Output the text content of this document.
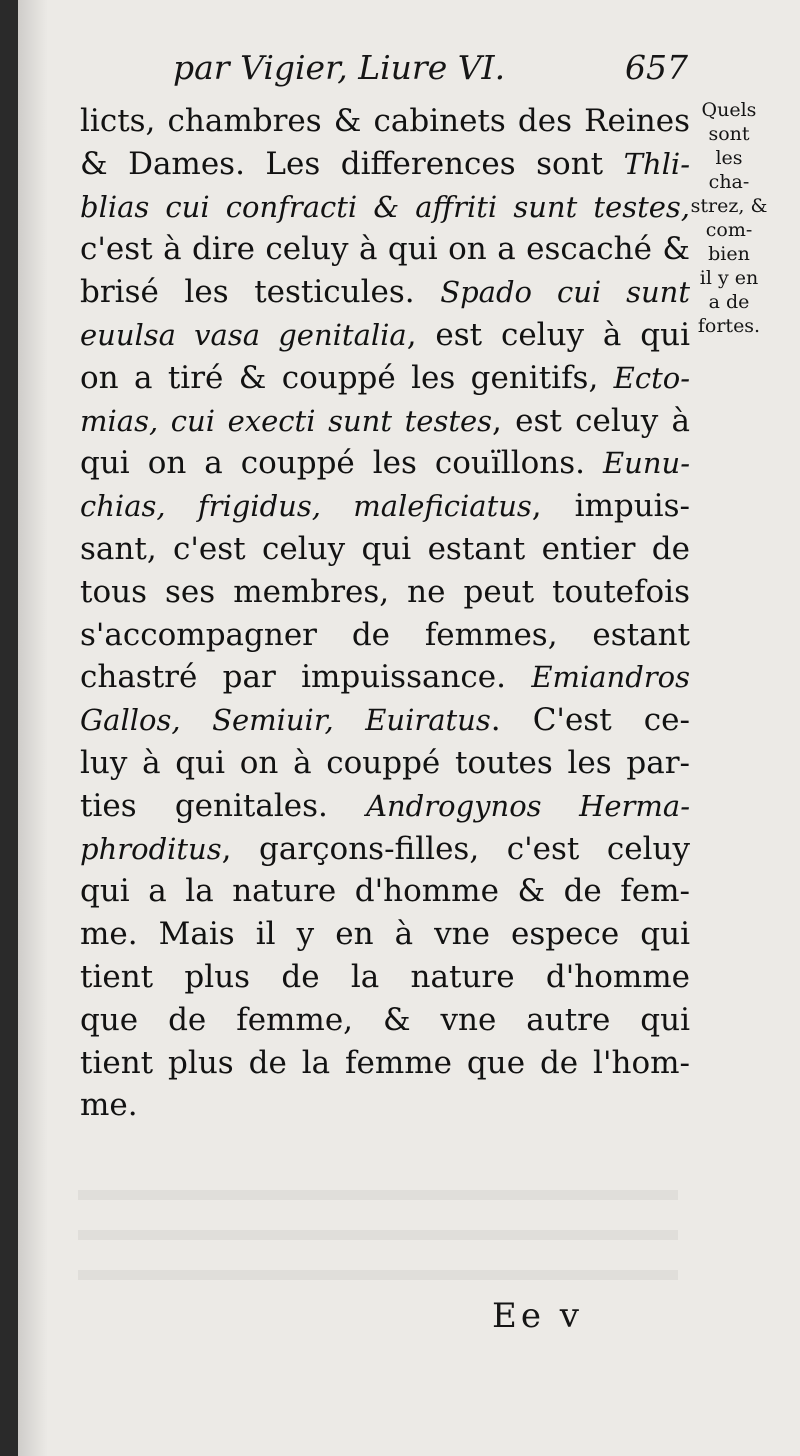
par Vigier, Liure VI.	657
licts, chambres & cabinets des Reines
& Dames. Les differences sont Thli-
blias cui confracti & affriti sunt testes,
c'est à dire celuy à qui on a escaché &
brisé les testicules. Spado cui sunt
euulsa vasa genitalia, est celuy à qui
on a tiré & couppé les genitifs, Ecto-
mias, cui execti sunt testes, est celuy à
qui on a couppé les couïllons. Eunu-
chias, frigidus, maleficiatus, impuis-
sant, c'est celuy qui estant entier de
tous ses membres, ne peut toutefois
s'accompagner de femmes, estant
chastré par impuissance. Emiandros
Gallos, Semiuir, Euiratus. C'est ce-
luy à qui on à couppé toutes les par-
ties genitales. Androgynos Herma-
phroditus, garçons-filles, c'est celuy
qui a la nature d'homme & de fem-
me. Mais il y en à vne espece qui
tient plus de la nature d'homme
que de femme, & vne autre qui
tient plus de la femme que de l'hom-
me.
Quels
sont
les
cha-
strez, &
com-
bien
il y en
a de
fortes.
Ee v
